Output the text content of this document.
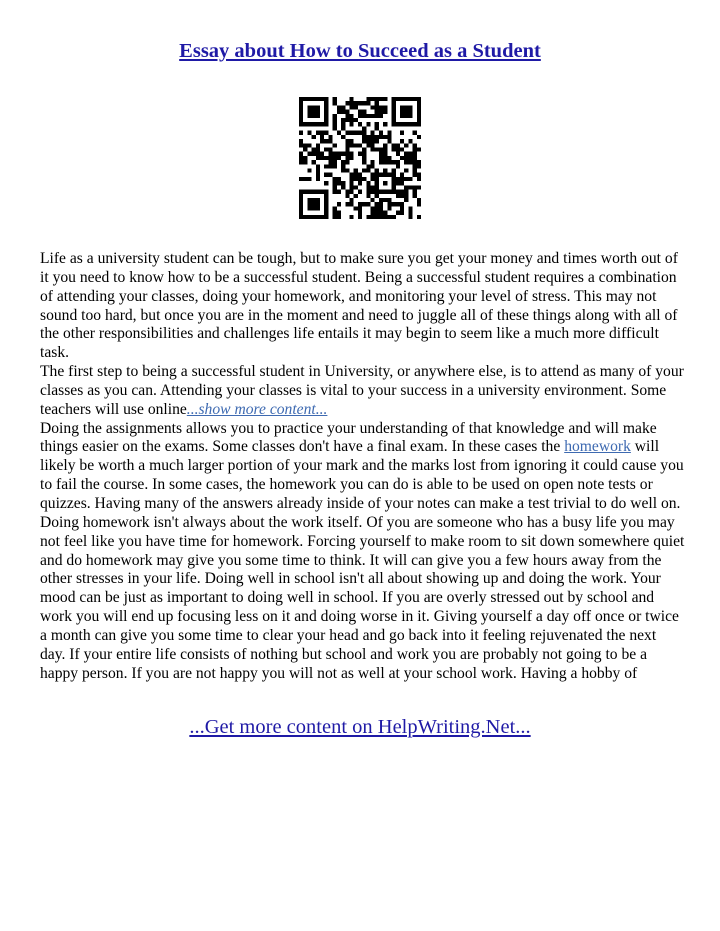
Essay about How to Succeed as a Student

Life as a university student can be tough, but to make sure you get your money and times worth out of it you need to know how to be a successful student. Being a successful student requires a combination of attending your classes, doing your homework, and monitoring your level of stress. This may not sound too hard, but once you are in the moment and need to juggle all of these things along with all of the other responsibilities and challenges life entails it may begin to seem like a much more difficult task.

The first step to being a successful student in University, or anywhere else, is to attend as many of your classes as you can. Attending your classes is vital to your success in a university environment. Some teachers will use online...show more content...

Doing the assignments allows you to practice your understanding of that knowledge and will make things easier on the exams. Some classes don't have a final exam. In these cases the homework will likely be worth a much larger portion of your mark and the marks lost from ignoring it could cause you to fail the course. In some cases, the homework you can do is able to be used on open note tests or quizzes. Having many of the answers already inside of your notes can make a test trivial to do well on. Doing homework isn't always about the work itself. Of you are someone who has a busy life you may not feel like you have time for homework. Forcing yourself to make room to sit down somewhere quiet and do homework may give you some time to think. It will can give you a few hours away from the other stresses in your life. Doing well in school isn't all about showing up and doing the work. Your mood can be just as important to doing well in school. If you are overly stressed out by school and work you will end up focusing less on it and doing worse in it. Giving yourself a day off once or twice a month can give you some time to clear your head and go back into it feeling rejuvenated the next day. If your entire life consists of nothing but school and work you are probably not going to be a happy person. If you are not happy you will not as well at your school work. Having a hobby of

...Get more content on HelpWriting.Net...
